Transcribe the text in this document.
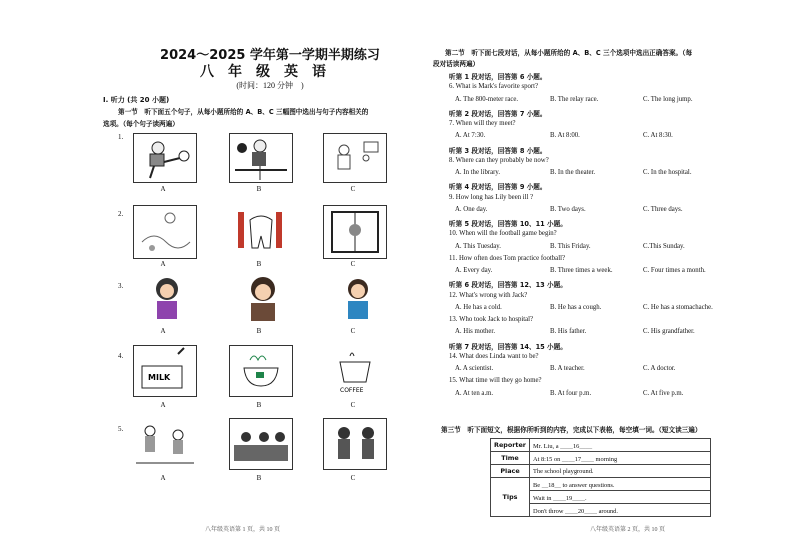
2024～2025 学年第一学期半期练习
八年级英语
(时间：120 分钟　)
I. 听力 (共 20 小题)
第一节　听下面五个句子，从每小题所给的 A、B、C 三幅图中选出与句子内容相关的
选项。（每个句子读两遍）
MILK
COFFEE
1.
2.
3.
4.
5.
A	B	C
A	B	C
A	B	C
A	B	C
A	B	C
八年级英语第 1 页，共 10 页
第二节　听下面七段对话，从每小题所给的 A、B、C 三个选项中选出正确答案。（每
段对话读两遍）
听第 1 段对话，回答第 6 小题。
6. What is Mark's favorite sport?
A. The 800-meter race.	B. The relay race.	C. The long jump.
听第 2 段对话，回答第 7 小题。
7. When will they meet?
A. At 7:30.	B. At 8:00.	C. At 8:30.
听第 3 段对话，回答第 8 小题。
8. Where can they probably be now?
A. In the library.	B. In the theater.	C. In the hospital.
听第 4 段对话，回答第 9 小题。
9. How long has Lily been ill ?
A. One day.	B. Two days.	C. Three days.
听第 5 段对话，回答第 10、11 小题。
10. When will the football game begin?
A. This Tuesday.	B. This Friday.	C.This Sunday.
11. How often does Tom practice football?
A. Every day.	B. Three times a week.	C. Four times a month.
听第 6 段对话，回答第 12、13 小题。
12. What's wrong with Jack?
A. He has a cold.	B. He has a cough.	C. He has a stomachache.
13. Who took Jack to hospital?
A. His mother.	B. His father.	C. His grandfather.
听第 7 段对话，回答第 14、15 小题。
14. What does Linda want to be?
A. A scientist.	B. A teacher.	C. A doctor.
15. What time will they go home?
A. At ten a.m.	B. At four p.m.	C. At five p.m.
第三节　听下面短文，根据你所听到的内容，完成以下表格，每空填一词。（短文读三遍）
Reporter	Mr. Liu, a ＿＿16＿＿
Time	At 8:15 on ＿＿17＿＿ morning
Place	The school playground.
Tips	Be ＿18＿ to answer questions.
	Wait in ＿＿19＿＿.
	Don't throw ＿＿20＿＿ around.
八年级英语第 2 页，共 10 页
